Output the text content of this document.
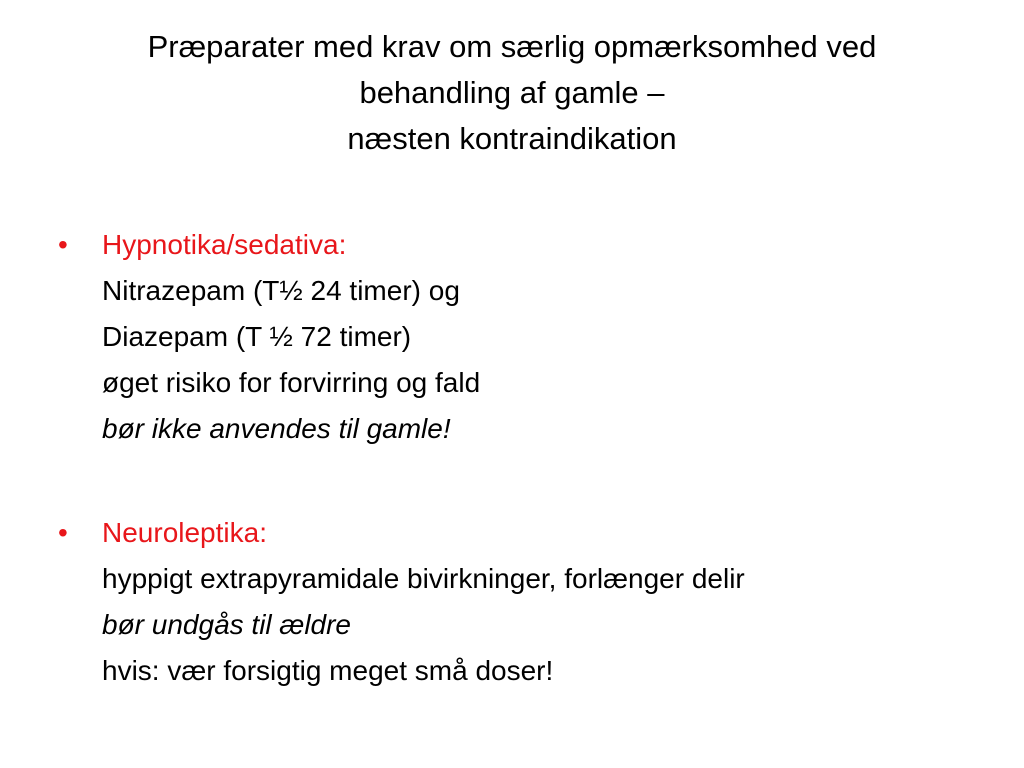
Præparater med krav om særlig opmærksomhed ved
behandling af gamle –
næsten kontraindikation
•	Hypnotika/sedativa:
Nitrazepam (T½ 24 timer) og
Diazepam (T ½ 72 timer)
øget risiko for forvirring og fald
bør ikke anvendes til gamle!
•	Neuroleptika:
hyppigt extrapyramidale bivirkninger, forlænger delir
bør undgås til ældre
hvis: vær forsigtig meget små doser!
